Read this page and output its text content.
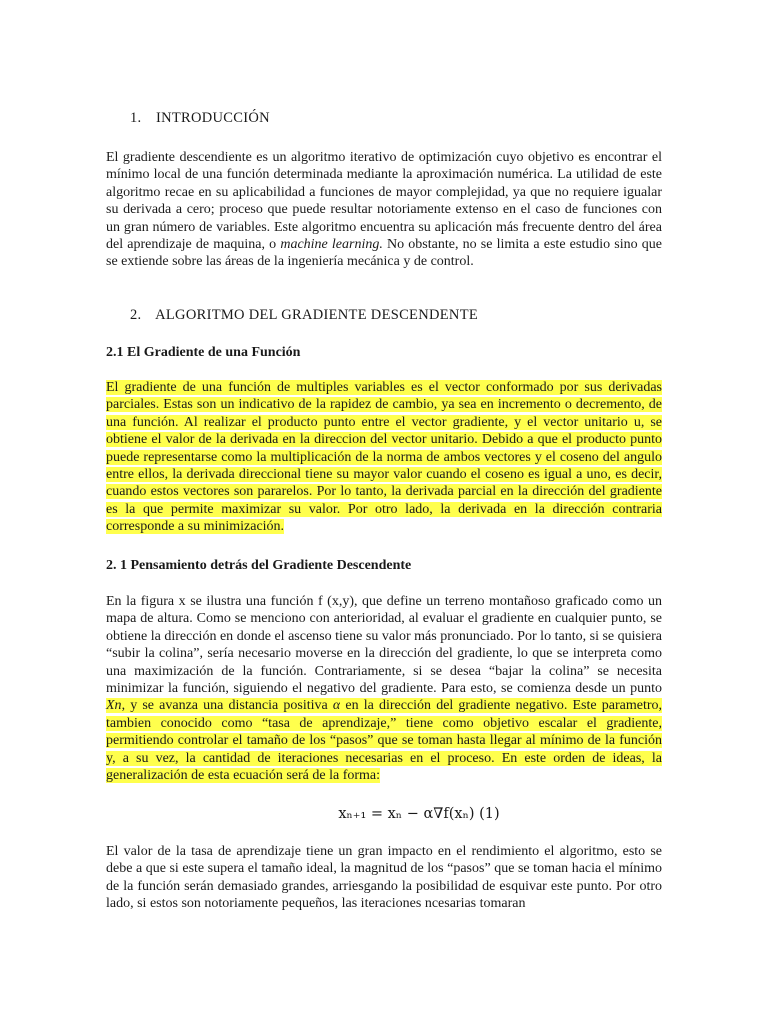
1. INTRODUCCIÓN

El gradiente descendiente es un algoritmo iterativo de optimización cuyo objetivo es encontrar el mínimo local de una función determinada mediante la aproximación numérica. La utilidad de este algoritmo recae en su aplicabilidad a funciones de mayor complejidad, ya que no requiere igualar su derivada a cero; proceso que puede resultar notoriamente extenso en el caso de funciones con un gran número de variables. Este algoritmo encuentra su aplicación más frecuente dentro del área del aprendizaje de maquina, o machine learning. No obstante, no se limita a este estudio sino que se extiende sobre las áreas de la ingeniería mecánica y de control.

2. ALGORITMO DEL GRADIENTE DESCENDENTE
2.1 El Gradiente de una Función

El gradiente de una función de multiples variables es el vector conformado por sus derivadas parciales. Estas son un indicativo de la rapidez de cambio, ya sea en incremento o decremento, de una función. Al realizar el producto punto entre el vector gradiente, y el vector unitario u, se obtiene el valor de la derivada en la direccion del vector unitario. Debido a que el producto punto puede representarse como la multiplicación de la norma de ambos vectores y el coseno del angulo entre ellos, la derivada direccional tiene su mayor valor cuando el coseno es igual a uno, es decir, cuando estos vectores son pararelos. Por lo tanto, la derivada parcial en la dirección del gradiente es la que permite maximizar su valor. Por otro lado, la derivada en la dirección contraria corresponde a su minimización.

2. 1 Pensamiento detrás del Gradiente Descendente

En la figura x se ilustra una función f (x,y), que define un terreno montañoso graficado como un mapa de altura. Como se menciono con anterioridad, al evaluar el gradiente en cualquier punto, se obtiene la dirección en donde el ascenso tiene su valor más pronunciado. Por lo tanto, si se quisiera “subir la colina”, sería necesario moverse en la dirección del gradiente, lo que se interpreta como una maximización de la función. Contrariamente, si se desea “bajar la colina” se necesita minimizar la función, siguiendo el negativo del gradiente. Para esto, se comienza desde un punto Xn, y se avanza una distancia positiva α en la dirección del gradiente negativo. Este parametro, tambien conocido como “tasa de aprendizaje,” tiene como objetivo escalar el gradiente, permitiendo controlar el tamaño de los “pasos” que se toman hasta llegar al mínimo de la función y, a su vez, la cantidad de iteraciones necesarias en el proceso. En este orden de ideas, la generalización de esta ecuación será de la forma:

xₙ₊₁ = xₙ − α∇f(xₙ) (1)

El valor de la tasa de aprendizaje tiene un gran impacto en el rendimiento el algoritmo, esto se debe a que si este supera el tamaño ideal, la magnitud de los “pasos” que se toman hacia el mínimo de la función serán demasiado grandes, arriesgando la posibilidad de esquivar este punto. Por otro lado, si estos son notoriamente pequeños, las iteraciones ncesarias tomaran
